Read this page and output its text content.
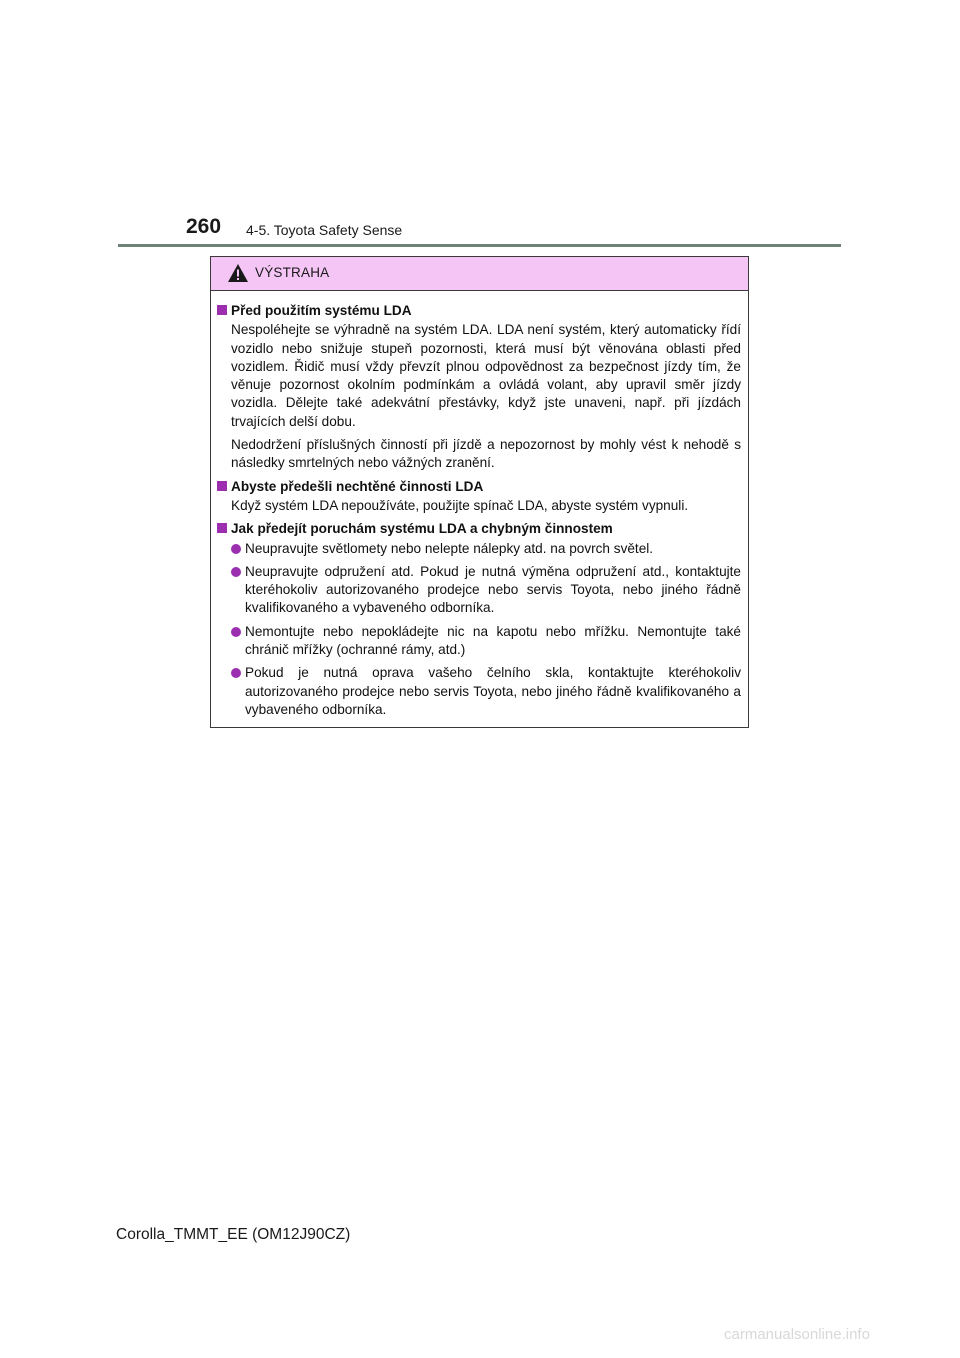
260 4-5. Toyota Safety Sense
VÝSTRAHA
Před použitím systému LDA

Nespoléhejte se výhradně na systém LDA. LDA není systém, který automaticky řídí vozidlo nebo snižuje stupeň pozornosti, která musí být věnována oblasti před vozidlem. Řidič musí vždy převzít plnou odpovědnost za bezpečnost jízdy tím, že věnuje pozornost okolním podmínkám a ovládá volant, aby upravil směr jízdy vozidla. Dělejte také adekvátní přestávky, když jste unaveni, např. při jízdách trvajících delší dobu.

Nedodržení příslušných činností při jízdě a nepozornost by mohly vést k nehodě s následky smrtelných nebo vážných zranění.

Abyste předešli nechtěné činnosti LDA

Když systém LDA nepoužíváte, použijte spínač LDA, abyste systém vypnuli.

Jak předejít poruchám systému LDA a chybným činnostem
Neupravujte světlomety nebo nelepte nálepky atd. na povrch světel.
Neupravujte odpružení atd. Pokud je nutná výměna odpružení atd., kontaktujte kteréhokoliv autorizovaného prodejce nebo servis Toyota, nebo jiného řádně kvalifikovaného a vybaveného odborníka.
Nemontujte nebo nepokládejte nic na kapotu nebo mřížku. Nemontujte také chránič mřížky (ochranné rámy, atd.)
Pokud je nutná oprava vašeho čelního skla, kontaktujte kteréhokoliv autorizovaného prodejce nebo servis Toyota, nebo jiného řádně kvalifikovaného a vybaveného odborníka.
Corolla_TMMT_EE (OM12J90CZ)
carmanualsonline.info
